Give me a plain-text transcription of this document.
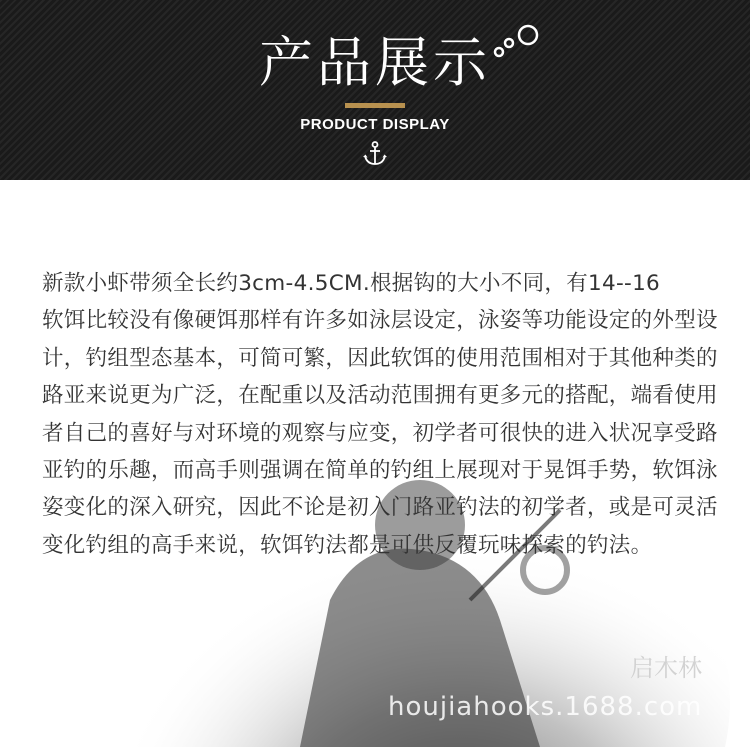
产品展示
PRODUCT DISPLAY

新款小虾带须全长约3cm-4.5CM.根据钩的大小不同，有14--16

软饵比较没有像硬饵那样有许多如泳层设定，泳姿等功能设定的外型设计，钓组型态基本，可简可繁，因此软饵的使用范围相对于其他种类的路亚来说更为广泛，在配重以及活动范围拥有更多元的搭配，端看使用者自己的喜好与对环境的观察与应变，初学者可很快的进入状况享受路亚钓的乐趣，而高手则强调在简单的钓组上展现对于晃饵手势，软饵泳姿变化的深入研究，因此不论是初入门路亚钓法的初学者，或是可灵活变化钓组的高手来说，软饵钓法都是可供反覆玩味探索的钓法。

启木林
houjiahooks.1688.com
